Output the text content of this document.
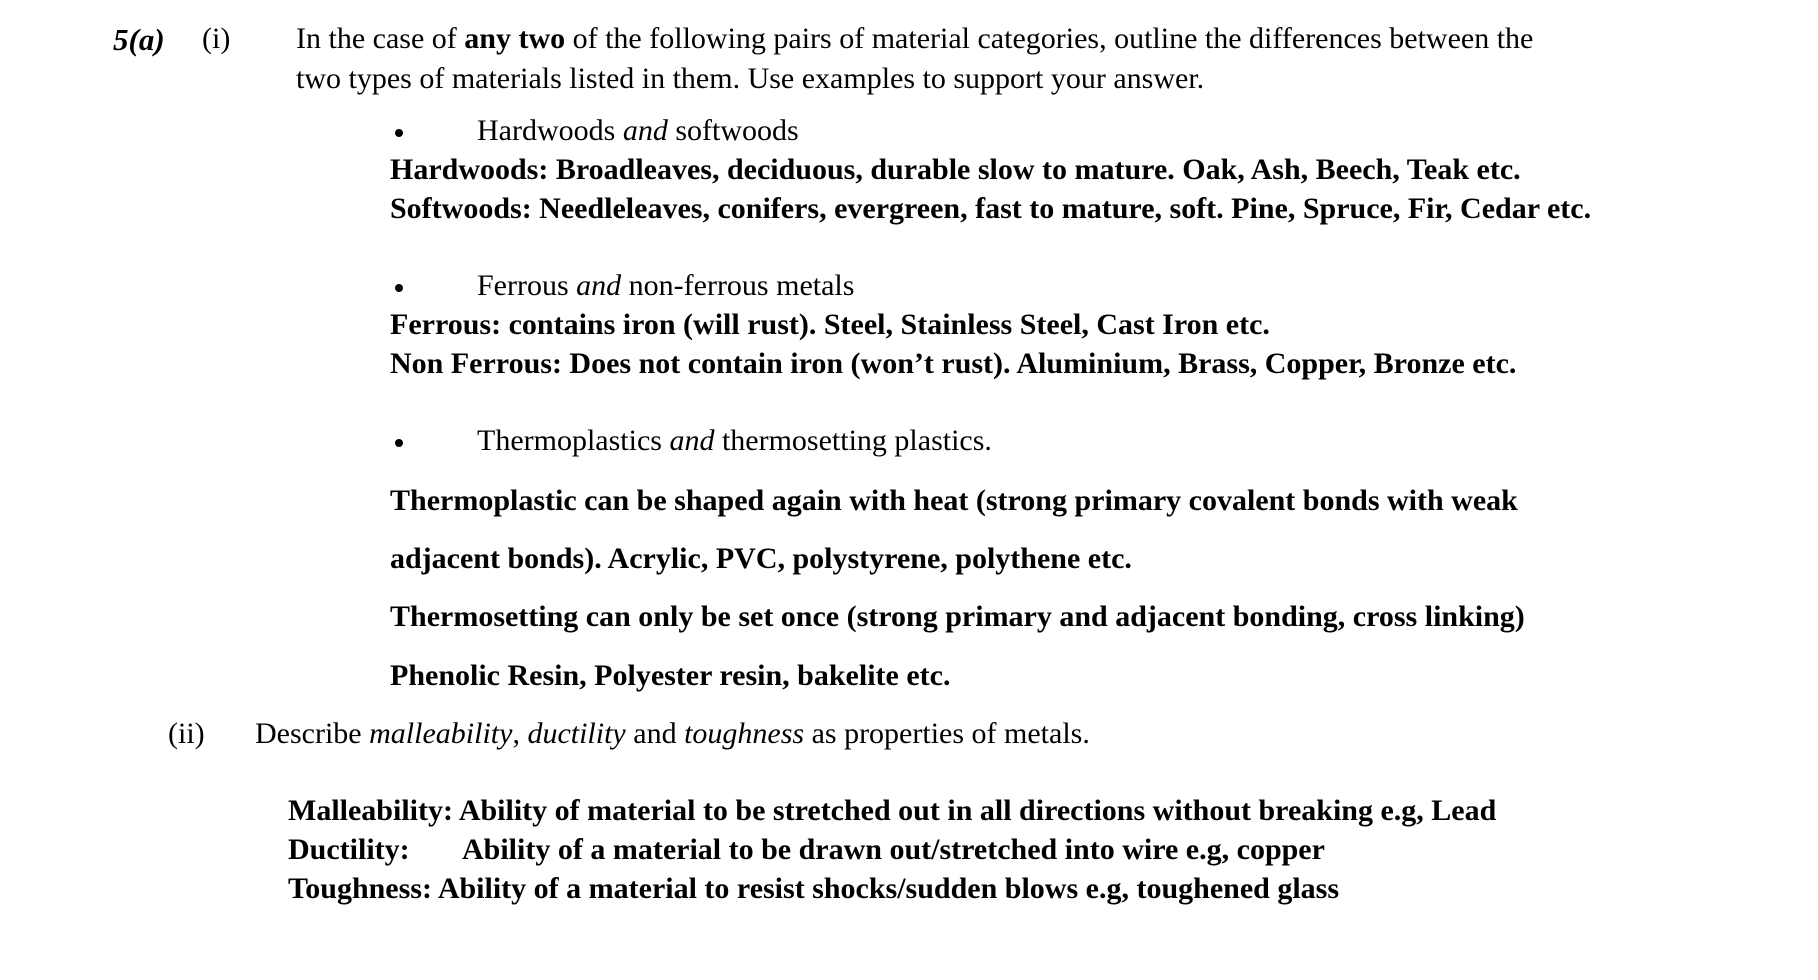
5(a) (i) In the case of any two of the following pairs of material categories, outline the differences between the
two types of materials listed in them. Use examples to support your answer.
Hardwoods and softwoods
Hardwoods: Broadleaves, deciduous, durable slow to mature. Oak, Ash, Beech, Teak etc.
Softwoods: Needleleaves, conifers, evergreen, fast to mature, soft. Pine, Spruce, Fir, Cedar etc.
Ferrous and non-ferrous metals
Ferrous: contains iron (will rust). Steel, Stainless Steel, Cast Iron etc.
Non Ferrous: Does not contain iron (won’t rust). Aluminium, Brass, Copper, Bronze etc.
Thermoplastics and thermosetting plastics.
Thermoplastic can be shaped again with heat (strong primary covalent bonds with weak
adjacent bonds). Acrylic, PVC, polystyrene, polythene etc.
Thermosetting can only be set once (strong primary and adjacent bonding, cross linking)
Phenolic Resin, Polyester resin, bakelite etc.
(ii) Describe malleability, ductility and toughness as properties of metals.
Malleability: Ability of material to be stretched out in all directions without breaking e.g, Lead
Ductility: Ability of a material to be drawn out/stretched into wire e.g, copper
Toughness: Ability of a material to resist shocks/sudden blows e.g, toughened glass
